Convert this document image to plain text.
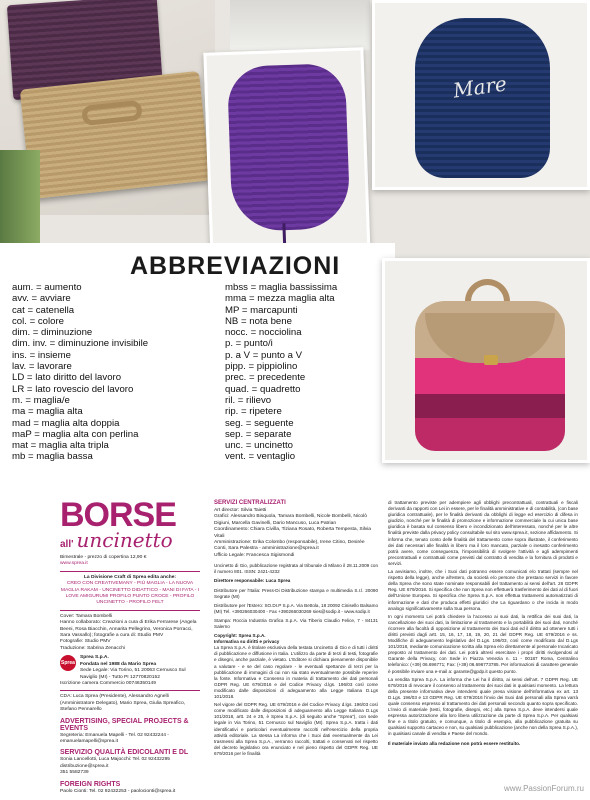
Mare
ABBREVIAZIONI
aum. = aumento
avv. = avviare
cat = catenella
col. = colore
dim. = diminuzione
dim. inv. = diminuzione invisibile
ins. = insieme
lav. = lavorare
LD = lato diritto del lavoro
LR = lato rovescio del lavoro
m. = maglia/e
ma = maglia alta
mad = maglia alta doppia
maP = maglia alta con perlina
mat = maglia alta tripla
mb = maglia bassa
mbss = maglia bassissima
mma = mezza maglia alta
MP = marcapunti
NB = nota bene
nocc. = nocciolina
p. = punto/i
p. a V = punto a V
pipp. = pippiolino
prec. = precedente
quad. = quadretto
ril. = rilievo
rip. = ripetere
seg. = seguente
sep. = separate
unc. = uncinetto
vent. = ventaglio
BORSE
all' uncinetto
Bimestrale - prezzo di copertina 12,90 €
www.sprea.it
La Divisione Craft di Sprea edita anche:
CREO CON CREATIVEMANY - PIÙ MAGLIA - LA NUOVA MAGLIA RAKAM - UNCINETTO DIDATTICO - MANI DI FATA - I LOVE AMIGURUMI PROFILO PUNTO CROCE - PROFILO UNCINETTO - PROFILO FELT
Cover: Tamara Bombelli
Hanno collaborato: Creazioni a cura di Erika Ferrarese (Angela Beeni, Rosa Biacchin, Annarita Pellegrino, Veronica Porracci, Sara Vassallo); fotografie a cura di: Studio PMV
Fotografie: Studio PMV
Traduzione: Sabrina Zenacchi
Sprea
Sprea S.p.A.
Fondata nel 1988 da Mario Sprea
Sede Legale: Via Torino, 51 20063 Cernusco Sul Naviglio (MI) - Tutto PI 12770820152
Iscrizione camera Commercio 00746350149
CDA: Luca Sprea (Presidente), Alessandro Agnelli (Amministratore Delegato), Mario Sprea, Giulia Spreafico, Stefano Pennarello
ADVERTISING, SPECIAL PROJECTS & EVENTS
Segreteria: Emanuela Mapelli - Tel. 02 92432244 - emanuelamapelli@sprea.it
SERVIZIO QUALITÀ EDICOLANTI E DL
Sonia Lancellotti, Luca Majocchi: Tel. 02 92432295 distribuzione@sprea.it
351 5582739
FOREIGN RIGHTS
Paolo Cionti: Tel. 02 92432253 - paolocionti@sprea.it
SERVIZI CENTRALIZZATI
Art director: Silvia Taietti
Grafici: Alessandro Bisquola, Tamara Bombelli, Nicole Bombelli, Nicolò Digiuni, Marcella Gavinelli, Dario Mancuso, Luca Patrian
Coordinamento: Chiara Civilla, Tiziana Rosato, Roberta Tempesta, Silvia Vitali
Amministrazione: Erika Colombo (responsabile), Irene Citino, Desirée Conti, Sara Palestra - amministrazione@sprea.it
Ufficio Legale: Francesca Sigismondi
Uncinetto di Gio, pubblicazione registrata al tribunale di Milano il 28.11.2009 con il numero 801. ISSN: 2421-4232
Direttore responsabile: Luca Sprea
Distributore per l'Italia: Press-Di Distribuzione stampa e multimedia S.r.l. 20090 Segrate (MI)
Distributore per l'Estero: SO.DI.P S.p.A. Via Bettola, 18 20092 Cinisello Balsamo (MI) Tel. +390266030400 - Fax +390266030269 sies@sodip.it - www.sodip.it
Stampa: Roccia Industria Grafica S.p.A. Via Tiberio Claudio Felice, 7 - 84131 Salerno
Copyright: Sprea S.p.A.
Informativa su diritti e privacy
La Sprea S.p.A. è titolare esclusiva della testata Uncinetto di Gio e di tutti i diritti di pubblicazione e diffusione in Italia. L'utilizzo da parte di terzi di testi, fotografie e disegni, anche parziale, è vietato. L'Editore si dichiara pienamente disponibile a valutare - e se del caso regolare - le eventuali spettanze di terzi per la pubblicazione di immagini di cui non sia stato eventualmente possibile reperire la fonte. Informativa e Consenso in materia di trattamento dei dati personali GDPR Reg. UE 679/2016 e del Codice Privacy d.lgs. 196/03 così come modificato dalle disposizioni di adeguamento alla Legge Italiana D.Lgs 101/2018.
Nel vigore del GDPR Reg. UE 679/2016 e del Codice Privacy d.lgs. 196/03 così come modificato dalle disposizioni di adeguamento alla Legge Italiana D.Lgs 101/2018, artt. 24 e 25, è Sprea S.p.A. (di seguito anche "Sprea"), con sede legale in Via Torino, 51 Cernusco sul Naviglio (MI). Sprea S.p.A. tratta i dati identificativi e particolari eventualmente raccolti nell'esercizio della propria attività editoriale. La stessa La informa che i Suoi dati eventualmente da Lei trasmessi alla Sprea S.p.A., verranno raccolti, trattati e conservati nel rispetto del decreto legislativo ora enunciato e nel pieno rispetto del GDPR Reg. UE 679/2016 per le finalità
di trattamento previste per adempiere agli obblighi precontrattuali, contrattuali e fiscali derivanti da rapporti con Lei in essere, per le finalità amministrative e di contabilità, (con base giuridica contrattuale), per le finalità derivanti da obblighi di legge ed esercizio di difesa in giudizio, nonché per le finalità di promozione e informazione commerciale la cui unica base giuridica è basata sul consenso libero e incondizionato dell'interessato, nonché per le altre finalità previste dalla privacy policy consultabile sul sito www.sprea.it, sezione affidamento. Si informa che, tenuto conto delle finalità del trattamento come sopra illustrate, il conferimento dei dati necessari alle finalità in libero ma il loro mancato, parziale o inesatto conferimento potrà avere, come conseguenza, l'impossibilità di svolgere l'attività e agli adempimenti precontrattuali e contrattuali come previsti dal contratto di vendita e la fornitura di prodotti e servizi.
La avvisiamo, inoltre, che i Suoi dati potranno essere comunicati e/o trattati (sempre nel rispetto della legge), anche all'estero, da società e/o persone che prestano servizi in favore della Sprea che sono state nominate responsabili del trattamento ai sensi dell'art. 28 GDPR Reg. UE 679/2016. Si specifica che non Sprea non effettuerà trasferimento dei dati al di fuori dell'Unione Europea. Si specifica che Sprea S.p.A. non effettua trattamenti automatizzati di informazione e dati che produca effetti giuridici che La riguardano o che incida in modo analogo significativamente sulla Sua persona.
In ogni momento Lei potrà chiedere la l'accesso ai suoi dati, la rettifica dei suoi dati, la cancellazione dei suoi dati, la limitazione al trattamento e la portabilità dei suoi dati, nonché ricorrere alla facoltà di opposizione al trattamento dei Suoi dati ed il diritto ad ottenere tutti i diritti previsti dagli artt. 15, 16, 17, 18, 19, 20, 21 del GDPR Reg. UE 679/2016 e ss. Modifiche di adeguamento legislativo del D.Lgs. 196/03, così come modificato dal D.Lgs 101/2018, mediante comunicazione scritta alla Sprea e/o direttamente al personale Incaricato preposto al trattamento dei dati. Lei potrà altresì esercitare i propri diritti rivolgendosi al Garante della Privacy, con Sede in Piazza Venezia n. 11 - 00187 Roma, Centralino telefonico: (+39) 06.696771; Fax: (+39) 06.696773785. Per informazioni di carattere generale è possibile inviare una e-mail a: garante@gpdp.it questo punto.
La vendita Sprea S.p.A. La informa che Lei ha il diritto, ai sensi dell'art. 7 GDPR Reg. UE 679/2016 di revocare il consenso al trattamento dei suoi dati in qualsiasi momento. La lettura della presente informativa deve intendersi quale presa visione dell'informativa ex art. 13 D.Lgs. 196/03 e 13 GDPR Reg. UE 679/2016 l'invio dei Suoi dati personali alla Sprea varrà quale consenso espresso al trattamento dei dati personali secondo quanto sopra specificato. L'invio di materiale (testi, fotografie, disegni, etc.) alla Sprea S.p.A. deve intendersi quale espressa autorizzazione alla loro libera utilizzazione da parte di Sprea S.p.A. Per qualsiasi fine e a titolo gratuito, e comunque, a titolo di esempio, alla pubblicazione gratuita su qualsiasi supporto cartaceo e non, su qualsiasi pubblicazione (anche non della Sprea S.p.A.), in qualsiasi canale di vendita e Paese del mondo.
Il materiale inviato alla redazione non potrà essere restituito.
www.PassionForum.ru
